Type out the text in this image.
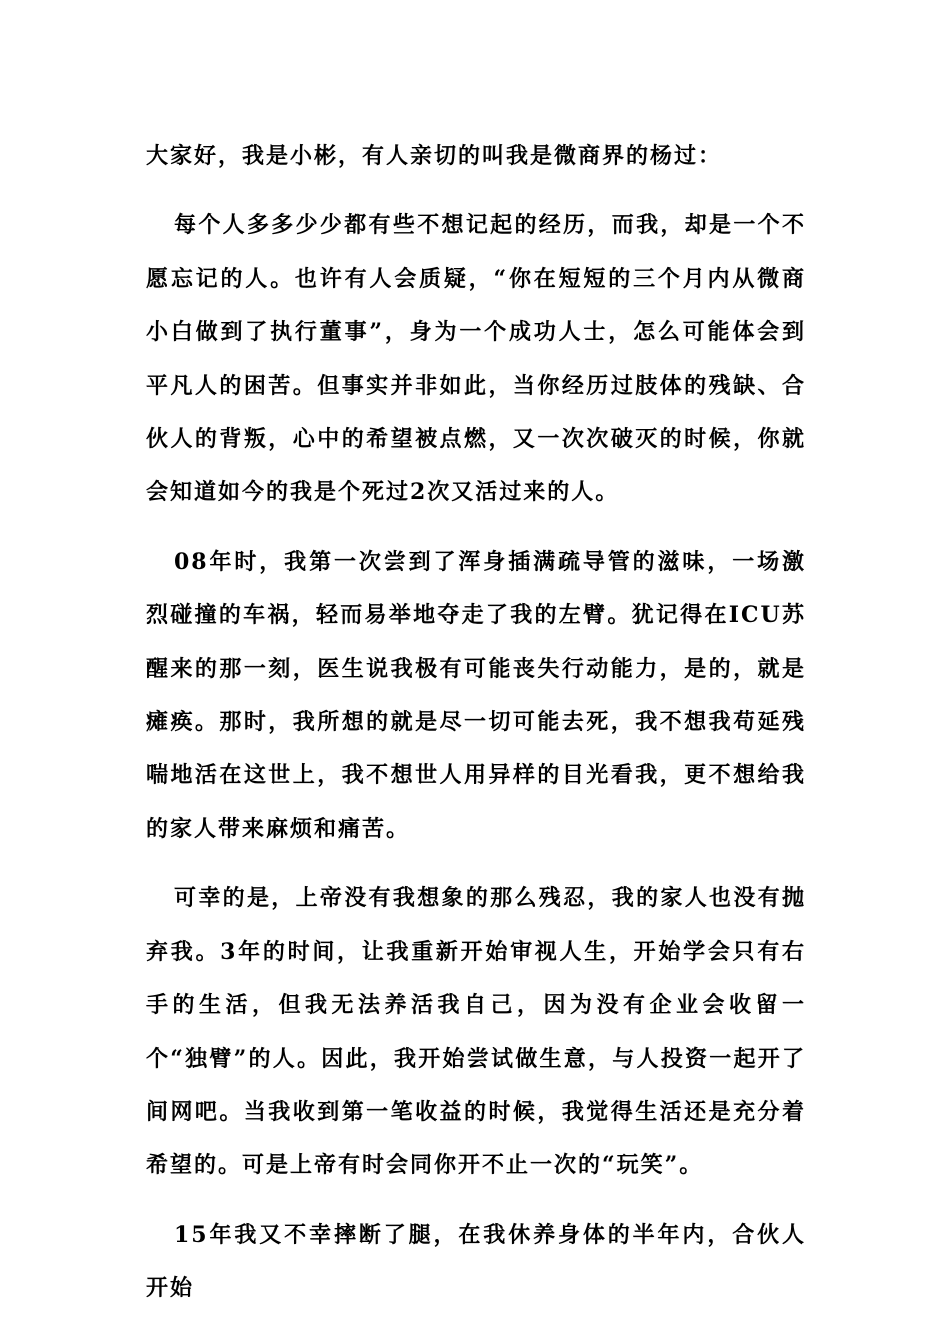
大家好，我是小彬，有人亲切的叫我是微商界的杨过：

每个人多多少少都有些不想记起的经历，而我，却是一个不愿忘记的人。也许有人会质疑，“你在短短的三个月内从微商小白做到了执行董事”，身为一个成功人士，怎么可能体会到平凡人的困苦。但事实并非如此，当你经历过肢体的残缺、合伙人的背叛，心中的希望被点燃，又一次次破灭的时候，你就会知道如今的我是个死过2次又活过来的人。

08年时，我第一次尝到了浑身插满疏导管的滋味，一场激烈碰撞的车祸，轻而易举地夺走了我的左臂。犹记得在ICU苏醒来的那一刻，医生说我极有可能丧失行动能力，是的，就是瘫痪。那时，我所想的就是尽一切可能去死，我不想我苟延残喘地活在这世上，我不想世人用异样的目光看我，更不想给我的家人带来麻烦和痛苦。

可幸的是，上帝没有我想象的那么残忍，我的家人也没有抛弃我。3年的时间，让我重新开始审视人生，开始学会只有右手的生活，但我无法养活我自己，因为没有企业会收留一个“独臂”的人。因此，我开始尝试做生意，与人投资一起开了间网吧。当我收到第一笔收益的时候，我觉得生活还是充分着希望的。可是上帝有时会同你开不止一次的“玩笑”。

15年我又不幸摔断了腿，在我休养身体的半年内，合伙人开始
